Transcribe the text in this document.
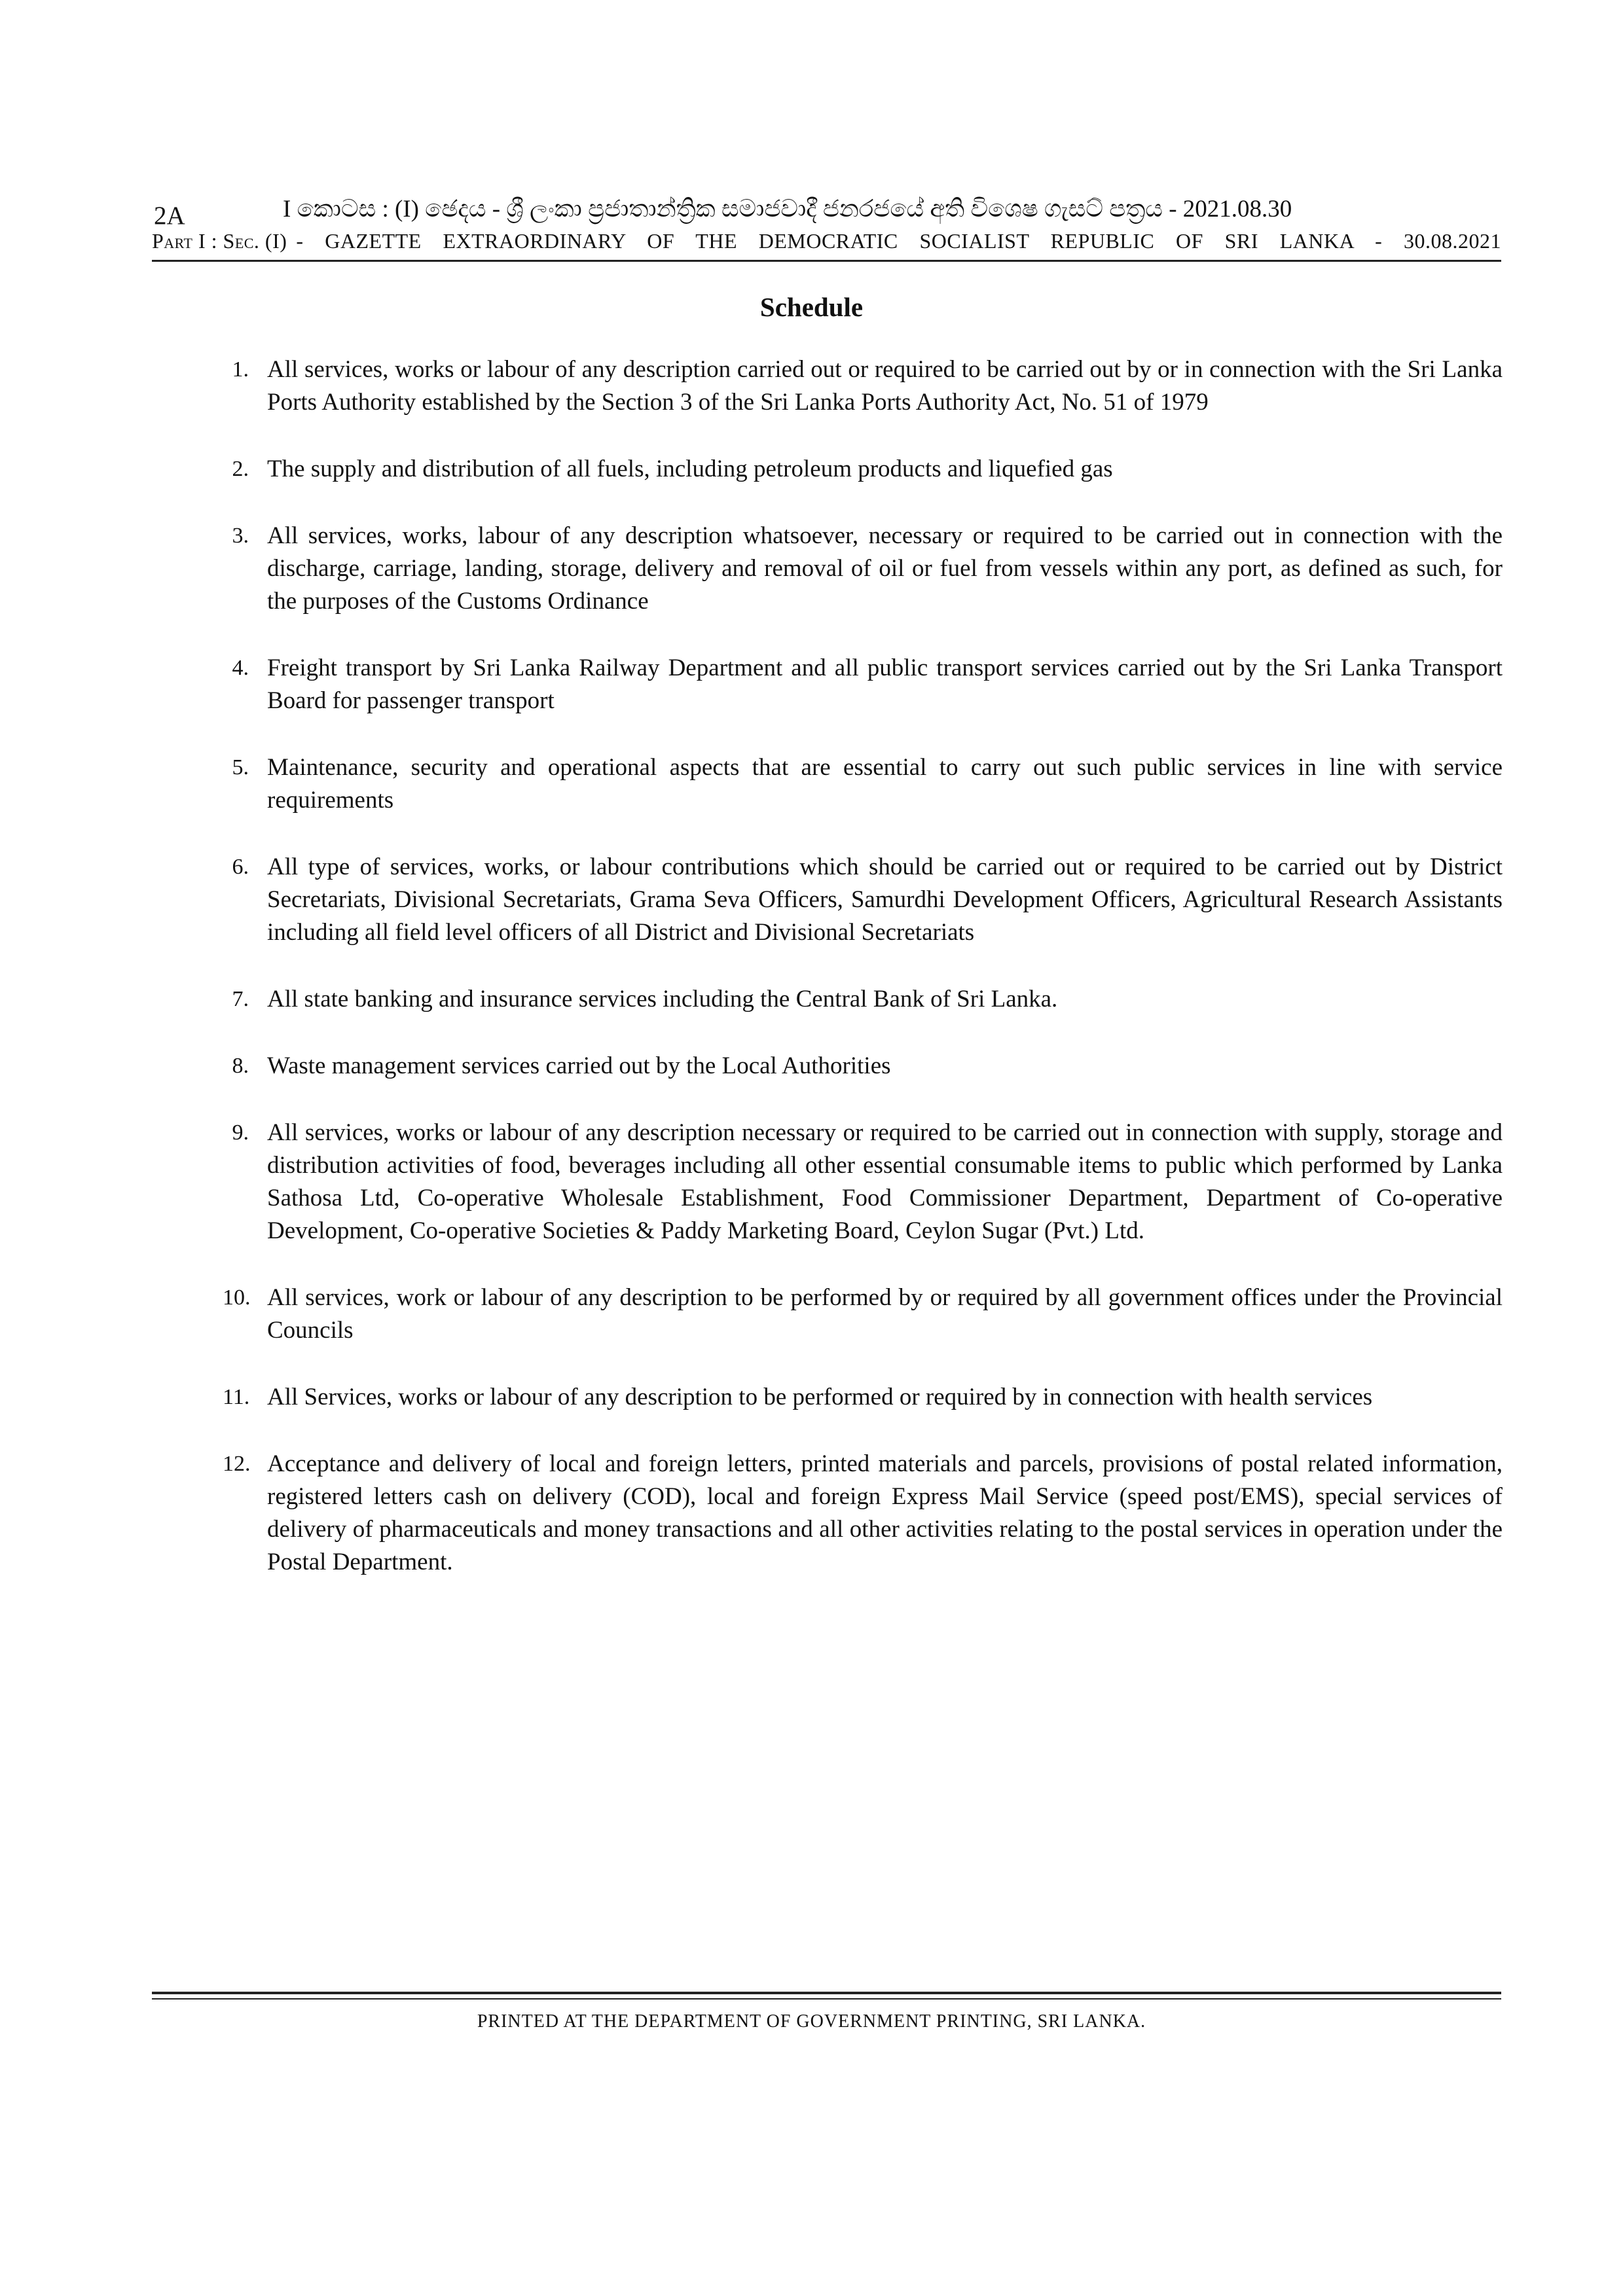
2A	I කොටස : (I) ඡෙදය - ශ්‍රී ලංකා ප්‍රජාතාන්ත්‍රික සමාජවාදී ජනරජයේ අති විශෙෂ ගැසට් පත්‍රය - 2021.08.30
Part I : Sec. (I) - GAZETTE EXTRAORDINARY OF THE DEMOCRATIC SOCIALIST REPUBLIC OF SRI LANKA - 30.08.2021
Schedule
1. All services, works or labour of any description carried out or required to be carried out by or in connection with the Sri Lanka Ports Authority established by the Section 3 of the Sri Lanka Ports Authority Act, No. 51 of 1979
2. The supply and distribution of all fuels, including petroleum products and liquefied gas
3. All services, works, labour of any description whatsoever, necessary or required to be carried out in connection with the discharge, carriage, landing, storage, delivery and removal of oil or fuel from vessels within any port, as defined as such, for the purposes of the Customs Ordinance
4. Freight transport by Sri Lanka Railway Department and all public transport services carried out by the Sri Lanka Transport Board for passenger transport
5. Maintenance, security and operational aspects that are essential to carry out such public services in line with service requirements
6. All type of services, works, or labour contributions which should be carried out or required to be carried out by District Secretariats, Divisional Secretariats, Grama Seva Officers, Samurdhi Development Officers, Agricultural Research Assistants including all field level officers of all District and Divisional Secretariats
7. All state banking and insurance services including the Central Bank of Sri Lanka.
8. Waste management services carried out by the Local Authorities
9. All services, works or labour of any description necessary or required to be carried out in connection with supply, storage and distribution activities of food, beverages including all other essential consumable items to public which performed by Lanka Sathosa Ltd, Co-operative Wholesale Establishment, Food Commissioner Department, Department of Co-operative Development, Co-operative Societies & Paddy Marketing Board, Ceylon Sugar (Pvt.) Ltd.
10. All services, work or labour of any description to be performed by or required by all government offices under the Provincial Councils
11. All Services, works or labour of any description to be performed or required by in connection with health services
12. Acceptance and delivery of local and foreign letters, printed materials and parcels, provisions of postal related information, registered letters cash on delivery (COD), local and foreign Express Mail Service (speed post/EMS), special services of delivery of pharmaceuticals and money transactions and all other activities relating to the postal services in operation under the Postal Department.
PRINTED AT THE DEPARTMENT OF GOVERNMENT PRINTING, SRI LANKA.
